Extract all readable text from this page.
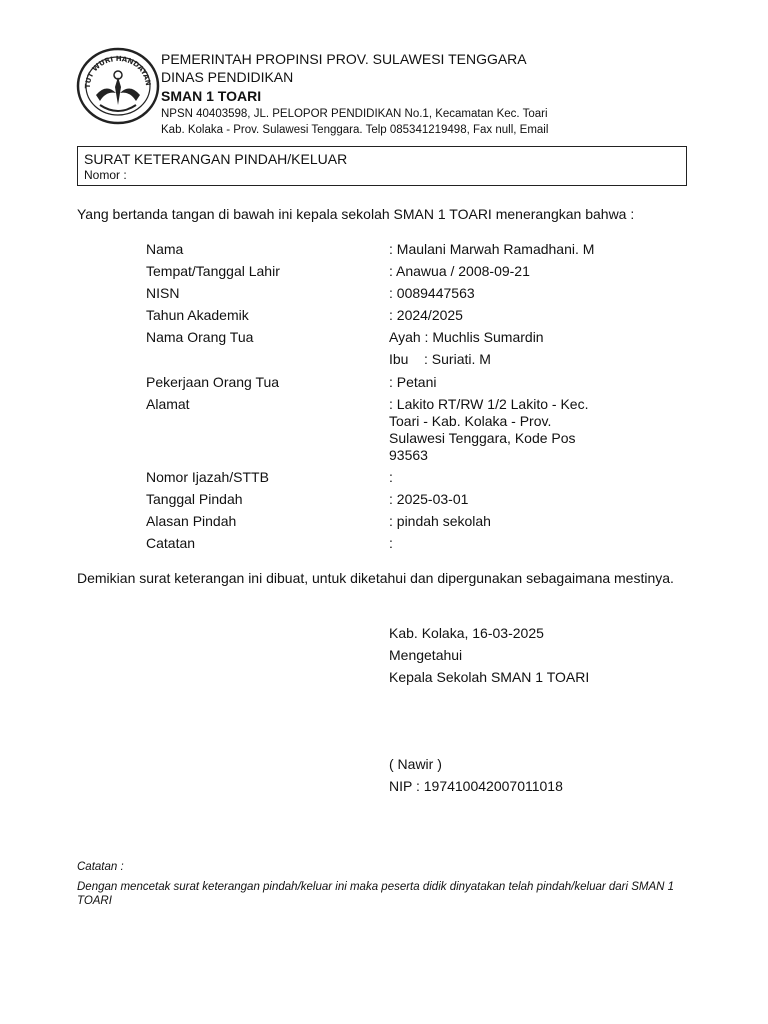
TUT WURI HANDAYAN
PEMERINTAH PROPINSI PROV. SULAWESI TENGGARA
DINAS PENDIDIKAN
SMAN 1 TOARI
NPSN 40403598, JL. PELOPOR PENDIDIKAN No.1, Kecamatan Kec. Toari
Kab. Kolaka - Prov. Sulawesi Tenggara. Telp 085341219498, Fax null, Email
SURAT KETERANGAN PINDAH/KELUAR
Nomor :
Yang bertanda tangan di bawah ini kepala sekolah SMAN 1 TOARI menerangkan bahwa :
Nama	: Maulani Marwah Ramadhani. M
Tempat/Tanggal Lahir	: Anawua / 2008-09-21
NISN	: 0089447563
Tahun Akademik	: 2024/2025
Nama Orang Tua	Ayah : Muchlis Sumardin
Ibu    : Suriati. M
Pekerjaan Orang Tua	: Petani
Alamat	: Lakito RT/RW 1/2 Lakito - Kec. Toari - Kab. Kolaka - Prov. Sulawesi Tenggara, Kode Pos 93563
Nomor Ijazah/STTB	:
Tanggal Pindah	: 2025-03-01
Alasan Pindah	: pindah sekolah
Catatan	:
Demikian surat keterangan ini dibuat, untuk diketahui dan dipergunakan sebagaimana mestinya.
Kab. Kolaka, 16-03-2025
Mengetahui
Kepala Sekolah SMAN 1 TOARI
( Nawir )
NIP : 197410042007011018
Catatan :
Dengan mencetak surat keterangan pindah/keluar ini maka peserta didik dinyatakan telah pindah/keluar dari SMAN 1 TOARI
